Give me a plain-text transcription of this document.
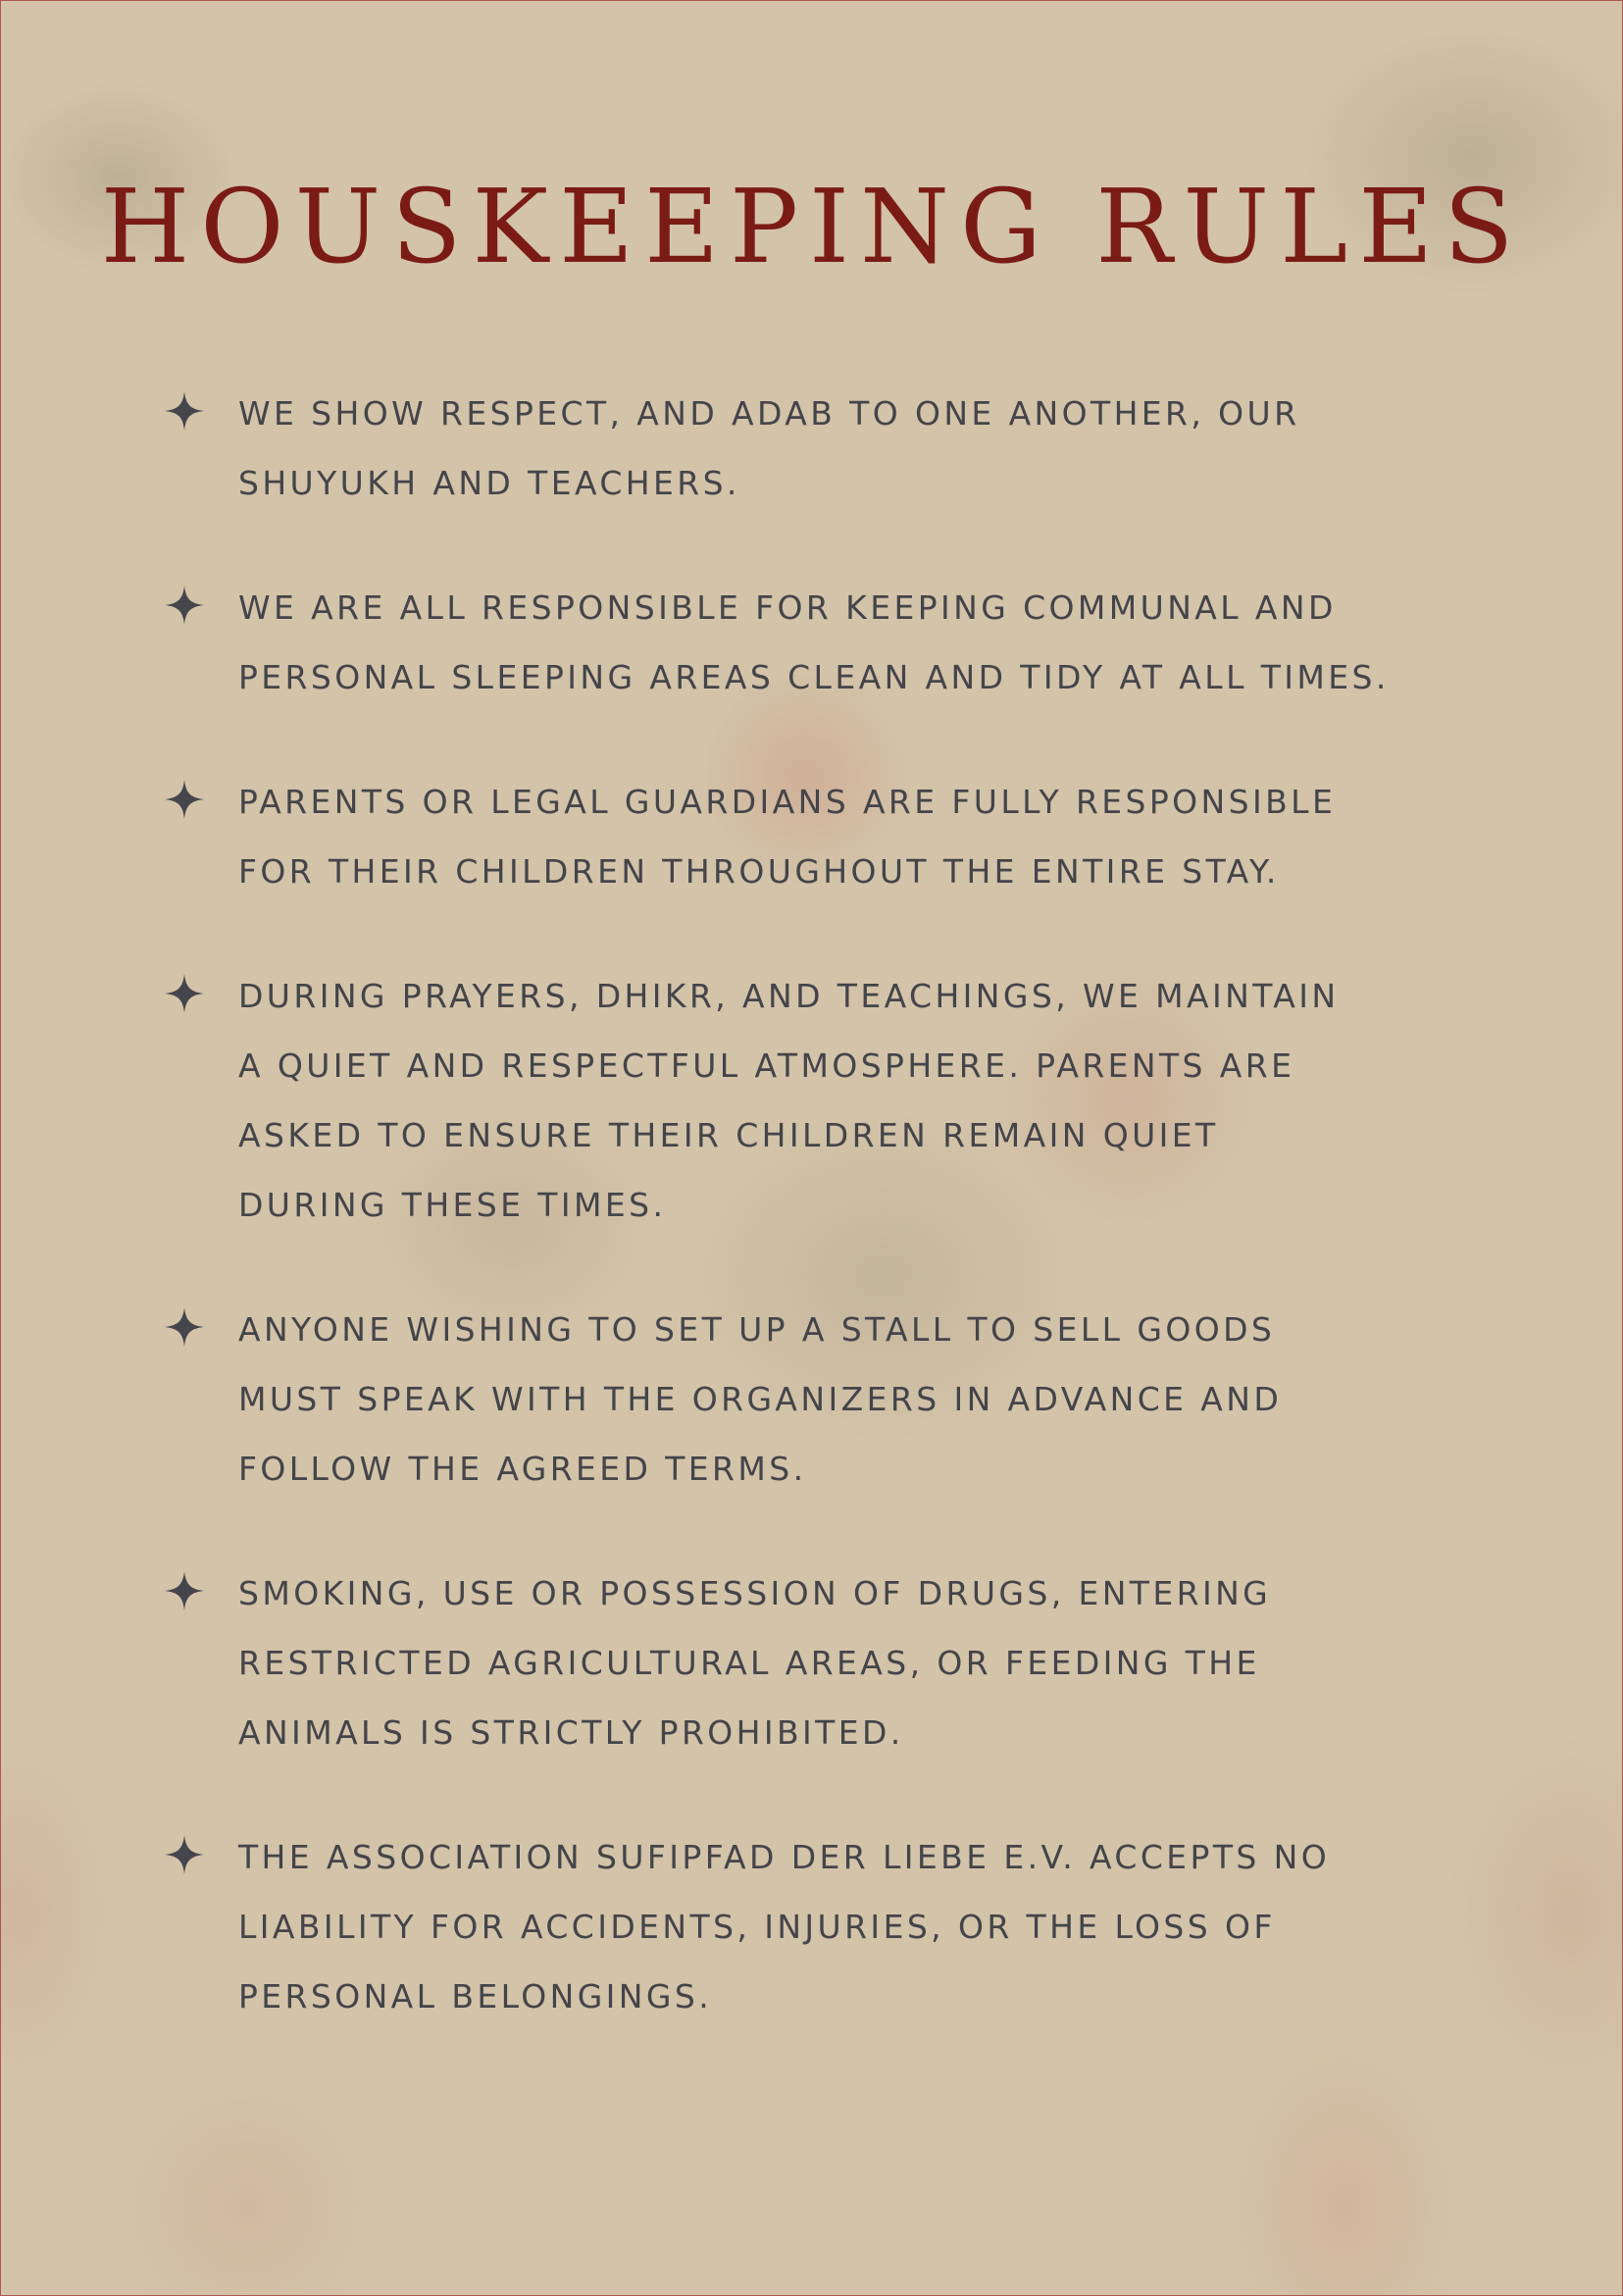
HOUSKEEPING RULES
WE SHOW RESPECT, AND ADAB TO ONE ANOTHER, OUR
SHUYUKH AND TEACHERS.
WE ARE ALL RESPONSIBLE FOR KEEPING COMMUNAL AND
PERSONAL SLEEPING AREAS CLEAN AND TIDY AT ALL TIMES.
PARENTS OR LEGAL GUARDIANS ARE FULLY RESPONSIBLE
FOR THEIR CHILDREN THROUGHOUT THE ENTIRE STAY.
DURING PRAYERS, DHIKR, AND TEACHINGS, WE MAINTAIN
A QUIET AND RESPECTFUL ATMOSPHERE. PARENTS ARE
ASKED TO ENSURE THEIR CHILDREN REMAIN QUIET
DURING THESE TIMES.
ANYONE WISHING TO SET UP A STALL TO SELL GOODS
MUST SPEAK WITH THE ORGANIZERS IN ADVANCE AND
FOLLOW THE AGREED TERMS.
SMOKING, USE OR POSSESSION OF DRUGS, ENTERING
RESTRICTED AGRICULTURAL AREAS, OR FEEDING THE
ANIMALS IS STRICTLY PROHIBITED.
THE ASSOCIATION SUFIPFAD DER LIEBE E.V. ACCEPTS NO
LIABILITY FOR ACCIDENTS, INJURIES, OR THE LOSS OF
PERSONAL BELONGINGS.
